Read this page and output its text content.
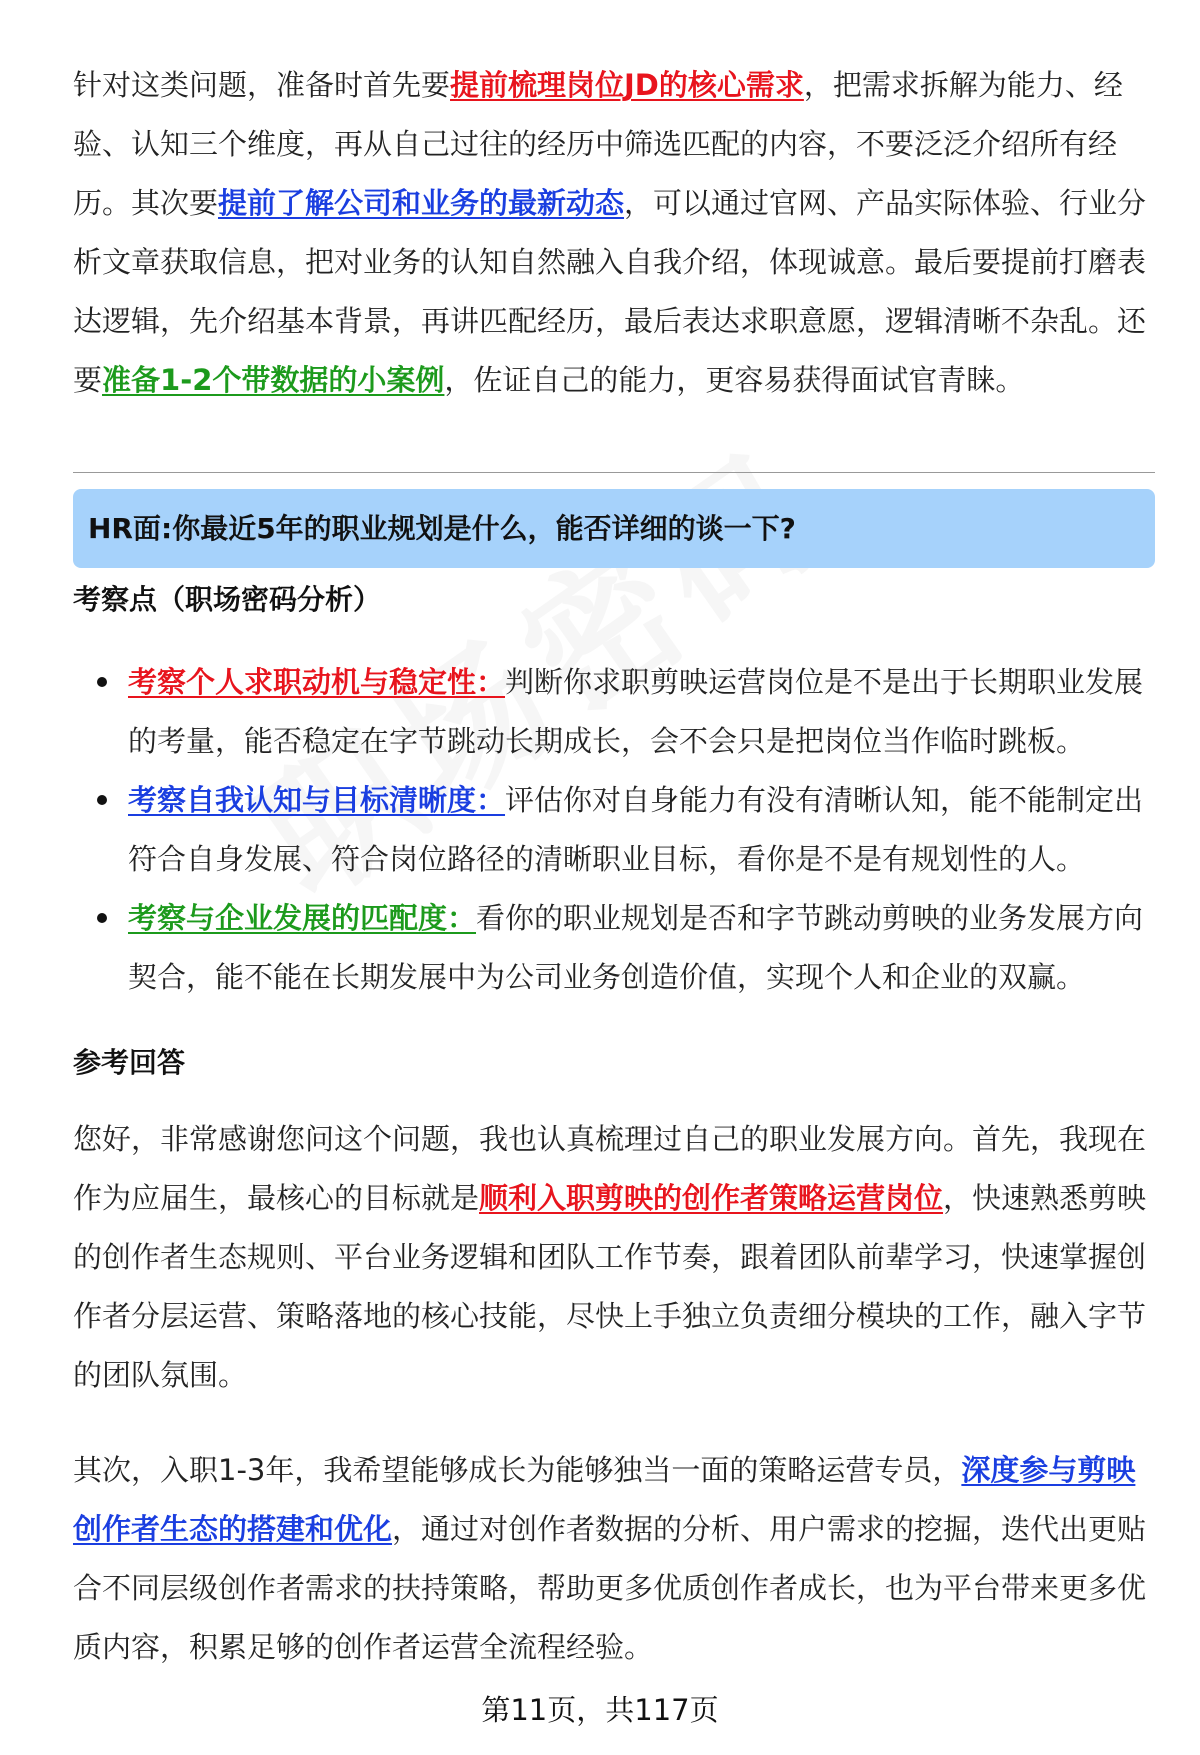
针对这类问题，准备时首先要提前梳理岗位JD的核心需求，把需求拆解为能力、经验、认知三个维度，再从自己过往的经历中筛选匹配的内容，不要泛泛介绍所有经历。其次要提前了解公司和业务的最新动态，可以通过官网、产品实际体验、行业分析文章获取信息，把对业务的认知自然融入自我介绍，体现诚意。最后要提前打磨表达逻辑，先介绍基本背景，再讲匹配经历，最后表达求职意愿，逻辑清晰不杂乱。还要准备1-2个带数据的小案例，佐证自己的能力，更容易获得面试官青睐。

HR面:你最近5年的职业规划是什么，能否详细的谈一下?
考察点（职场密码分析）
考察个人求职动机与稳定性：判断你求职剪映运营岗位是不是出于长期职业发展的考量，能否稳定在字节跳动长期成长，会不会只是把岗位当作临时跳板。
考察自我认知与目标清晰度：评估你对自身能力有没有清晰认知，能不能制定出符合自身发展、符合岗位路径的清晰职业目标，看你是不是有规划性的人。
考察与企业发展的匹配度：看你的职业规划是否和字节跳动剪映的业务发展方向契合，能不能在长期发展中为公司业务创造价值，实现个人和企业的双赢。
参考回答

您好，非常感谢您问这个问题，我也认真梳理过自己的职业发展方向。首先，我现在作为应届生，最核心的目标就是顺利入职剪映的创作者策略运营岗位，快速熟悉剪映的创作者生态规则、平台业务逻辑和团队工作节奏，跟着团队前辈学习，快速掌握创作者分层运营、策略落地的核心技能，尽快上手独立负责细分模块的工作，融入字节的团队氛围。

其次，入职1-3年，我希望能够成长为能够独当一面的策略运营专员，深度参与剪映创作者生态的搭建和优化，通过对创作者数据的分析、用户需求的挖掘，迭代出更贴合不同层级创作者需求的扶持策略，帮助更多优质创作者成长，也为平台带来更多优质内容，积累足够的创作者运营全流程经验。

第11页，共117页
